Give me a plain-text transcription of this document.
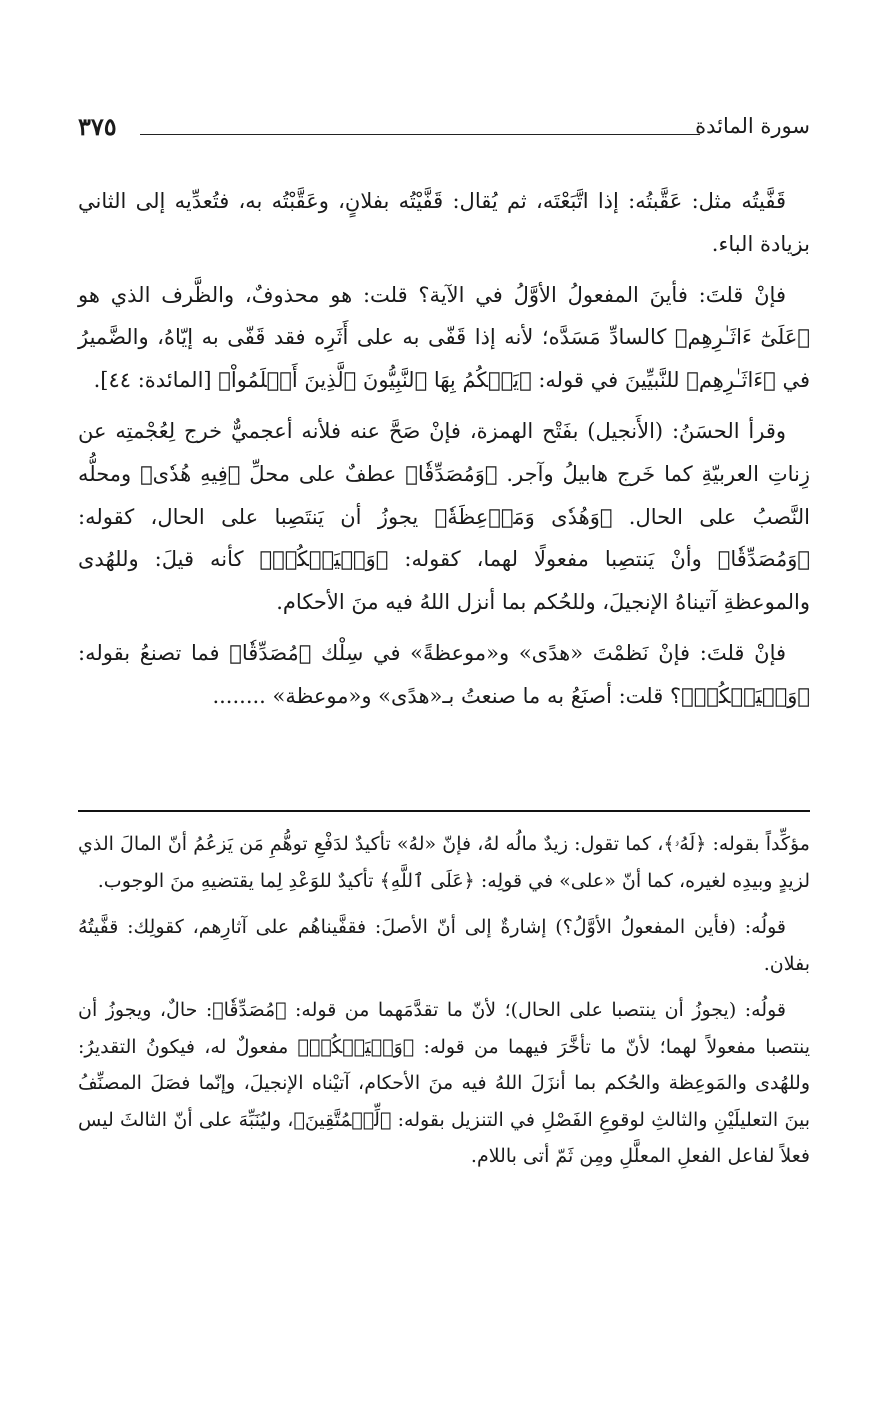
٣٧٥	سورة المائدة

قَفَّيتُه مثل: عَقَّبتُه: إذا اتَّبَعْتَه، ثم يُقال: قَفَّيْتُه بفلانٍ، وعَقَّبْتُه به، فتُعدِّيه إلى الثاني بزيادة الباء.

فإنْ قلتَ: فأينَ المفعولُ الأوَّلُ في الآية؟ قلت: هو محذوفٌ، والظَّرف الذي هو ﴿عَلَىٰٓ ءَاثَـٰرِهِم﴾ كالسادِّ مَسَدَّه؛ لأنه إذا قَفّى به على أَثَرِه فقد قَفّى به إيّاهُ، والضَّميرُ في ﴿ءَاثَـٰرِهِم﴾ للنَّبيِّينَ في قوله: ﴿يَحۡكُمُ بِهَا ٱلنَّبِيُّونَ ٱلَّذِينَ أَسۡلَمُواْ﴾ [المائدة: ٤٤].

وقرأ الحسَنُ: (الأَنجيل) بفَتْح الهمزة، فإنْ صَحَّ عنه فلأنه أعجميٌّ خرج لِعُجْمتِه عن زِناتِ العربيّةِ كما خَرج هابيلُ وآجر. ﴿وَمُصَدِّقٗا﴾ عطفٌ على محلِّ ﴿فِيهِ هُدٗى﴾ ومحلُّه النَّصبُ على الحال. ﴿وَهُدٗى وَمَوۡعِظَةٗ﴾ يجوزُ أن يَنتَصِبا على الحال، كقوله: ﴿وَمُصَدِّقٗا﴾ وأنْ يَنتصِبا مفعولًا لهما، كقوله: ﴿وَلۡيَحۡكُمۡ﴾ كأنه قيلَ: وللهُدى والموعظةِ آتيناهُ الإنجيلَ، وللحُكم بما أنزل اللهُ فيه منَ الأحكام.

فإنْ قلتَ: فإنْ نَظمْتَ «هدًى» و«موعظةً» في سِلْك ﴿مُصَدِّقٗا﴾ فما تصنعُ بقوله: ﴿وَلۡيَحۡكُمۡ﴾؟ قلت: أصنَعُ به ما صنعتُ بـ«هدًى» و«موعظة» ........

مؤكِّداً بقوله: ﴿لَهُۥ﴾، كما تقول: زيدٌ مالُه لهُ، فإنّ «لهُ» تأكيدٌ لدَفْعِ توهُّمِ مَن يَزعُمُ أنّ المالَ الذي لزيدٍ وبيدِه لغيره، كما أنّ «على» في قولِه: ﴿عَلَى ٱللَّهِ﴾ تأكيدٌ للوَعْدِ لِما يقتضيهِ منَ الوجوب.

قولُه: (فأين المفعولُ الأوَّلُ؟) إشارةٌ إلى أنّ الأصلَ: فقفَّيناهُم على آثارِهم، كقولِك: قفَّيتُهُ بفلان.

قولُه: (يجوزُ أن ينتصبا على الحال)؛ لأنّ ما تقدَّمَهما من قوله: ﴿مُصَدِّقٗا﴾: حالٌ، ويجوزُ أن ينتصبا مفعولاً لهما؛ لأنّ ما تأخَّرَ فيهما من قوله: ﴿وَلۡيَحۡكُمۡ﴾ مفعولٌ له، فيكونُ التقديرُ: وللهُدى والمَوعِظة والحُكم بما أنزَلَ اللهُ فيه منَ الأحكام، آتيْناه الإنجيلَ، وإنّما فصَلَ المصنِّفُ بينَ التعليلَيْنِ والثالثِ لوقوعِ الفَصْلِ في التنزيل بقوله: ﴿لِّلۡمُتَّقِينَ﴾، وليُنَبِّهَ على أنّ الثالثَ ليس فعلاً لفاعل الفعلِ المعلَّلِ ومِن ثَمّ أتى باللام.
